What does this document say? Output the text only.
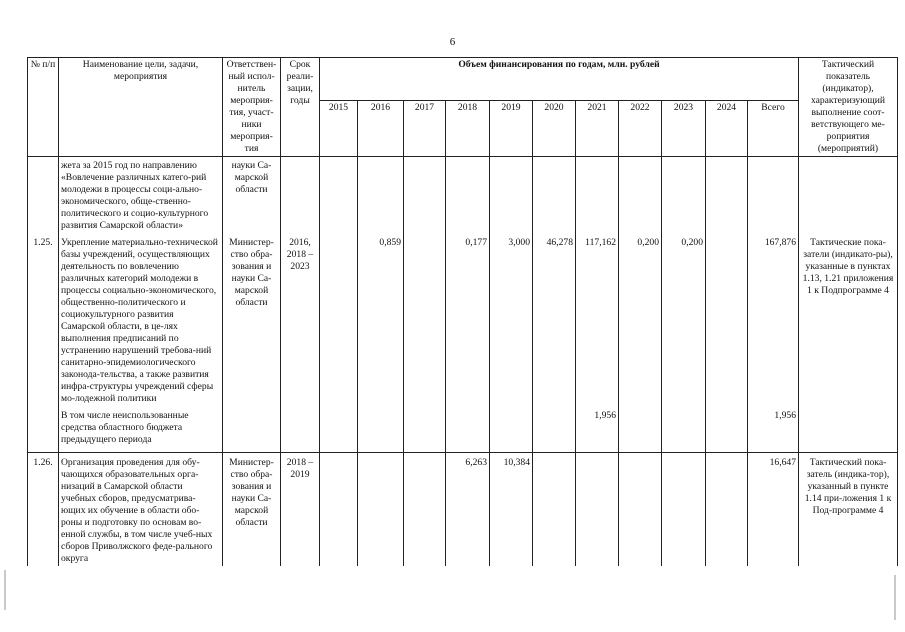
6
№ п/п	Наименование цели, задачи, мероприятия	Ответствен-ный испол-нитель мероприя-тия, участ-ники мероприя-тия	Срок реали-зации, годы	Объем финансирования по годам, млн. рублей											Тактический показатель (индикатор), характеризующий выполнение соот-ветствующего ме-роприятия (мероприятий)
				2015	2016	2017	2018	2019	2020	2021	2022	2023	2024	Всего	
	жета за 2015 год по направлению «Вовлечение различных катего-рий молодежи в процессы соци-ально-экономического, обще-ственно-политического и социо-культурного развития Самарской области»	науки Са-марской области													
1.25.	Укрепление материально-технической базы учреждений, осуществляющих деятельность по вовлечению различных категорий молодежи в процессы социально-экономического, общественно-политического и социокультурного развития Самарской области, в це-лях выполнения предписаний по устранению нарушений требова-ний санитарно-эпидемиологического законода-тельства, а также развития инфра-структуры учреждений сферы мо-лодежной политики	Министер-ство обра-зования и науки Са-марской области	2016, 2018 – 2023		0,859		0,177	3,000	46,278	117,162	0,200	0,200		167,876	Тактические пока-затели (индикато-ры), указанные в пунктах 1.13, 1.21 приложения 1 к Подпрограмме 4
	В том числе неиспользованные средства областного бюджета предыдущего периода									1,956				1,956	
1.26.	Организация проведения для обу-чающихся образовательных орга-низаций в Самарской области учебных сборов, предусматрива-ющих их обучение в области обо-роны и подготовку по основам во-енной службы, в том числе учеб-ных сборов Приволжского феде-рального округа	Министер-ство обра-зования и науки Са-марской области	2018 – 2019				6,263	10,384						16,647	Тактический пока-затель (индика-тор), указанный в пункте 1.14 при-ложения 1 к Под-программе 4
